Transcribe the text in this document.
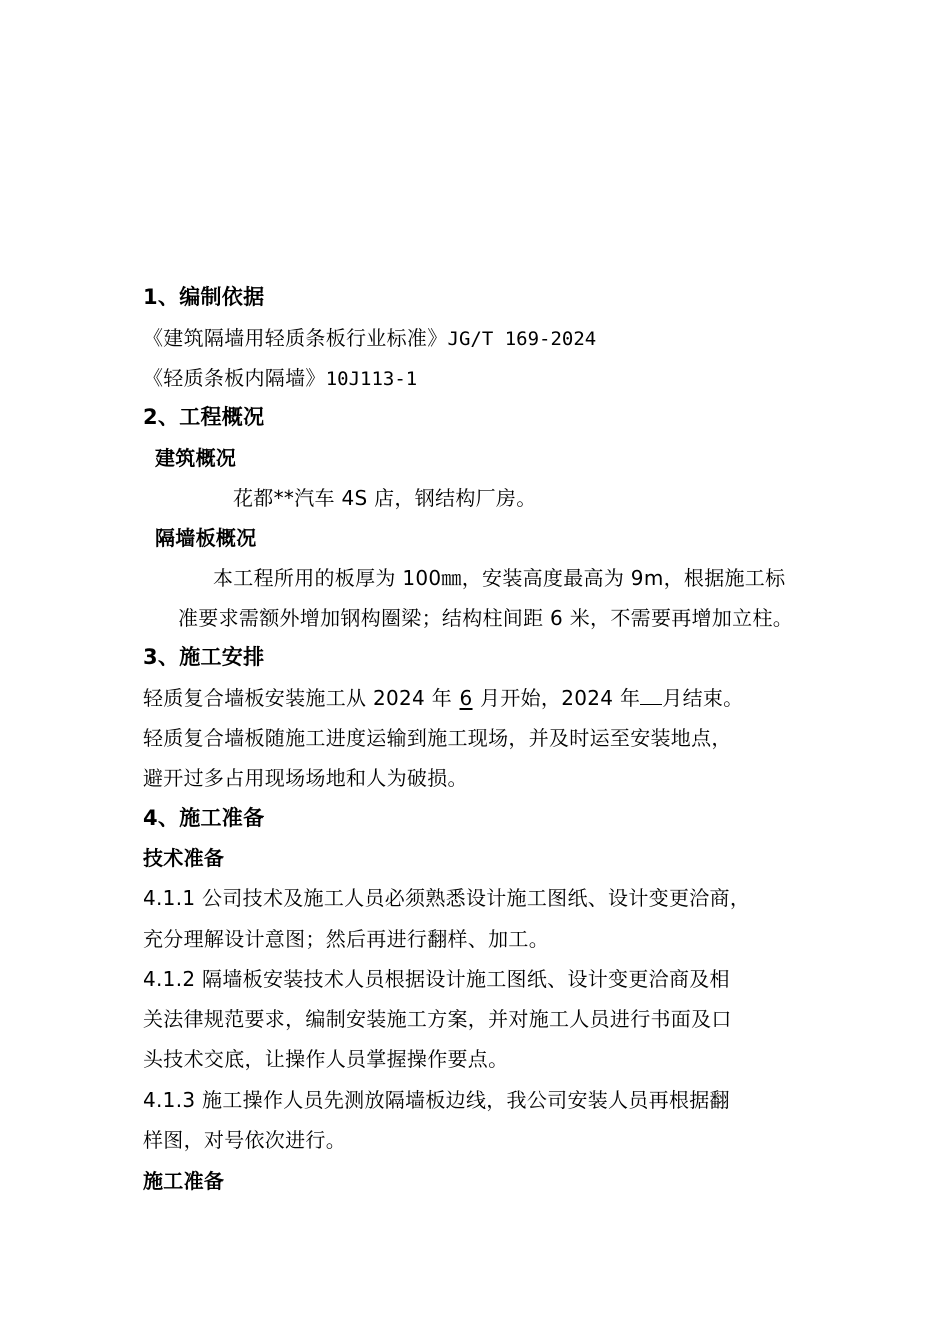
1、编制依据
《建筑隔墙用轻质条板行业标准》JG/T 169-2024
《轻质条板内隔墙》10J113-1
2、工程概况
建筑概况
花都**汽车 4S 店，钢结构厂房。
隔墙板概况
本工程所用的板厚为 100㎜，安装高度最高为 9m，根据施工标
准要求需额外增加钢构圈梁；结构柱间距 6 米，不需要再增加立柱。
3、施工安排
轻质复合墙板安装施工从 2024 年 6 月开始，2024 年 月结束。
轻质复合墙板随施工进度运输到施工现场，并及时运至安装地点，
避开过多占用现场场地和人为破损。
4、施工准备
技术准备
4.1.1 公司技术及施工人员必须熟悉设计施工图纸、设计变更洽商，
充分理解设计意图；然后再进行翻样、加工。
4.1.2 隔墙板安装技术人员根据设计施工图纸、设计变更洽商及相
关法律规范要求，编制安装施工方案，并对施工人员进行书面及口
头技术交底，让操作人员掌握操作要点。
4.1.3 施工操作人员先测放隔墙板边线，我公司安装人员再根据翻
样图，对号依次进行。
施工准备
